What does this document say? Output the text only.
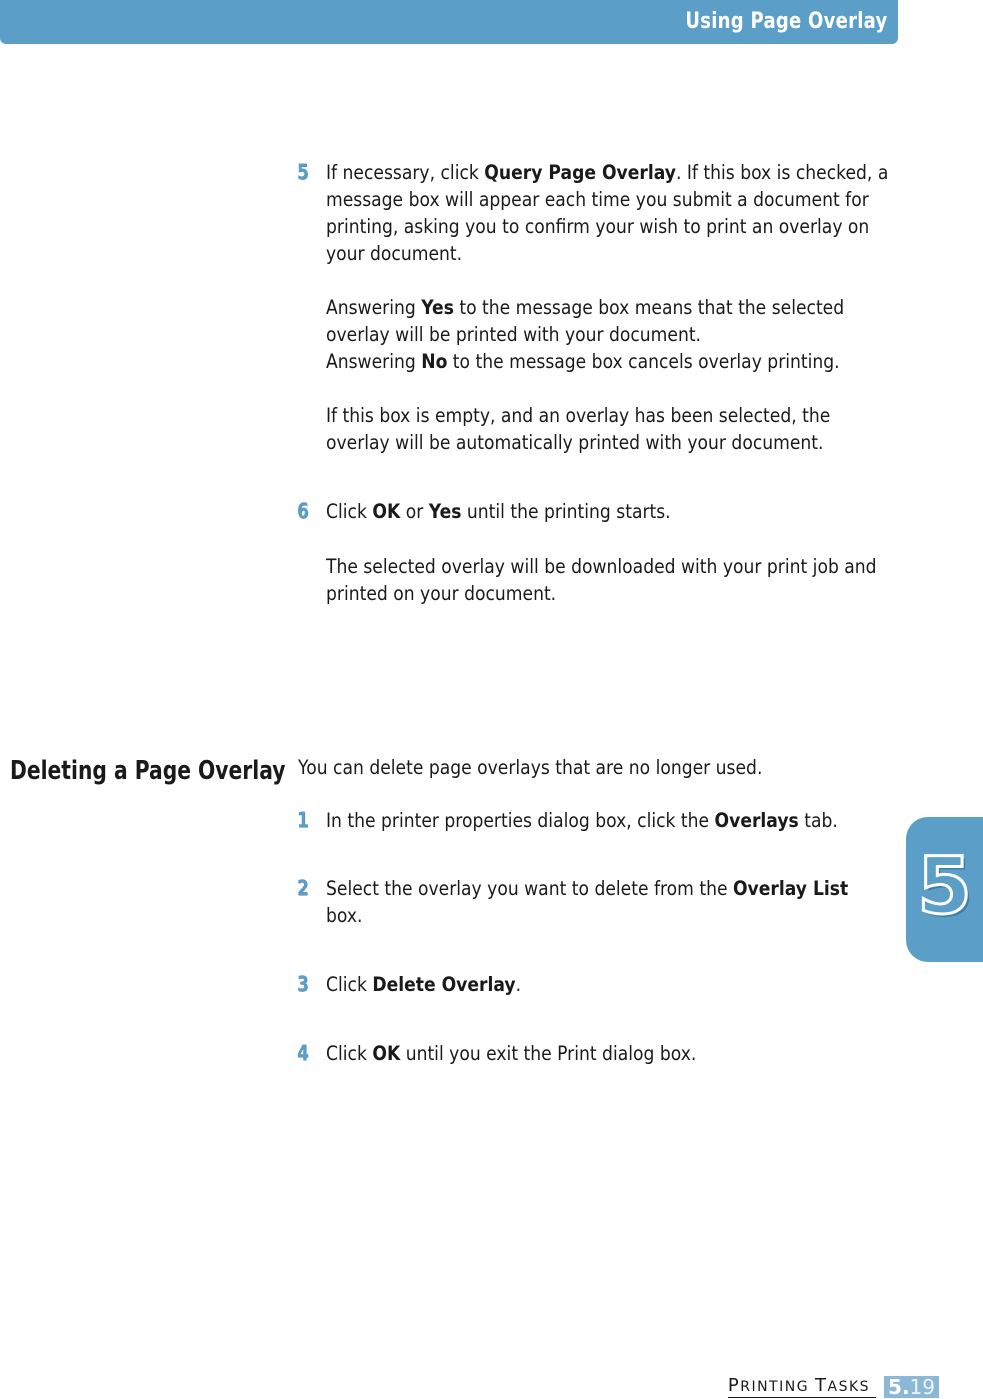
Using Page Overlay
5 If necessary, click Query Page Overlay. If this box is checked, a message box will appear each time you submit a document for printing, asking you to confirm your wish to print an overlay on your document.
Answering Yes to the message box means that the selected overlay will be printed with your document.
Answering No to the message box cancels overlay printing.
If this box is empty, and an overlay has been selected, the overlay will be automatically printed with your document.
6 Click OK or Yes until the printing starts.
The selected overlay will be downloaded with your print job and printed on your document.
Deleting a Page Overlay You can delete page overlays that are no longer used.
1 In the printer properties dialog box, click the Overlays tab.
2 Select the overlay you want to delete from the Overlay List box.
3 Click Delete Overlay.
4 Click OK until you exit the Print dialog box.
5
PRINTING TASKS 5.19
